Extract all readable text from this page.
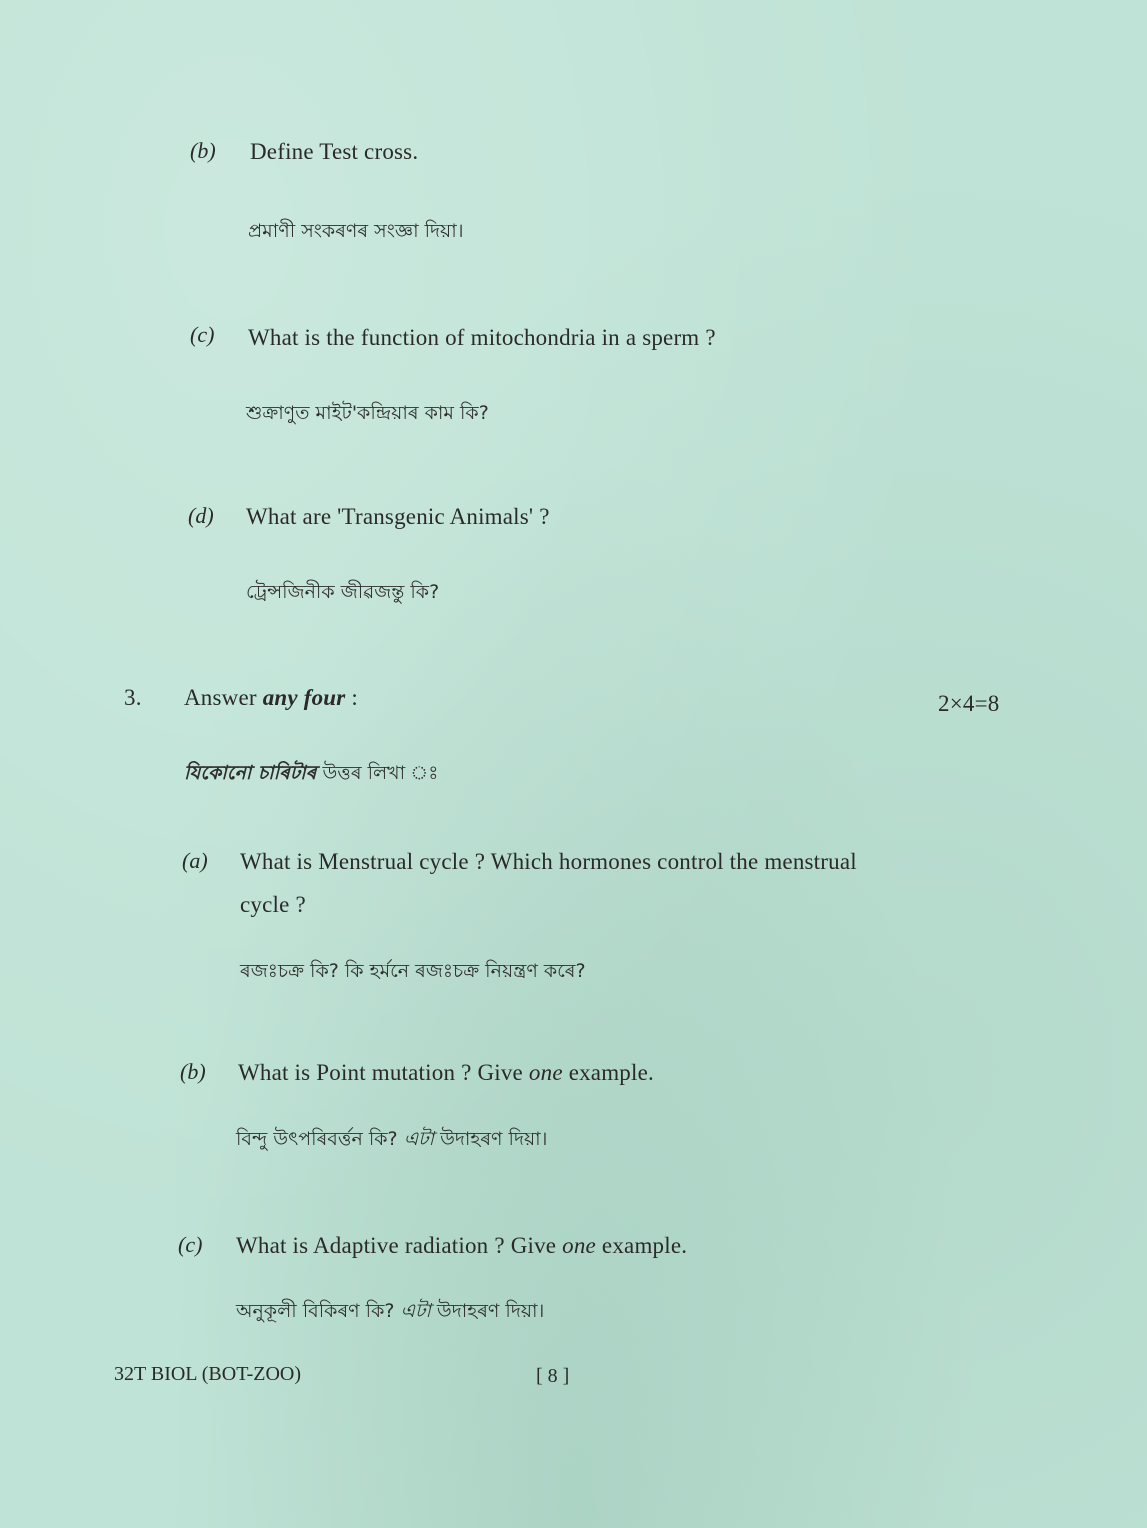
(b) Define Test cross.
প্ৰমাণী সংকৰণৰ সংজ্ঞা দিয়া।
(c) What is the function of mitochondria in a sperm ?
শুক্ৰাণুত মাইট'কন্দ্ৰিয়াৰ কাম কি?
(d) What are 'Transgenic Animals' ?
ট্ৰেন্সজিনীক জীৱজন্তু কি?
3. Answer any four :	2×4=8
যিকোনো চাৰিটাৰ উত্তৰ লিখা ঃ
(a) What is Menstrual cycle ? Which hormones control the menstrual
cycle ?
ৰজঃচক্ৰ কি? কি হৰ্মনে ৰজঃচক্ৰ নিয়ন্ত্ৰণ কৰে?
(b) What is Point mutation ? Give one example.
বিন্দু উৎপৰিবৰ্ত্তন কি? এটা উদাহৰণ দিয়া।
(c) What is Adaptive radiation ? Give one example.
অনুকূলী বিকিৰণ কি? এটা উদাহৰণ দিয়া।
32T BIOL (BOT-ZOO)	[ 8 ]
